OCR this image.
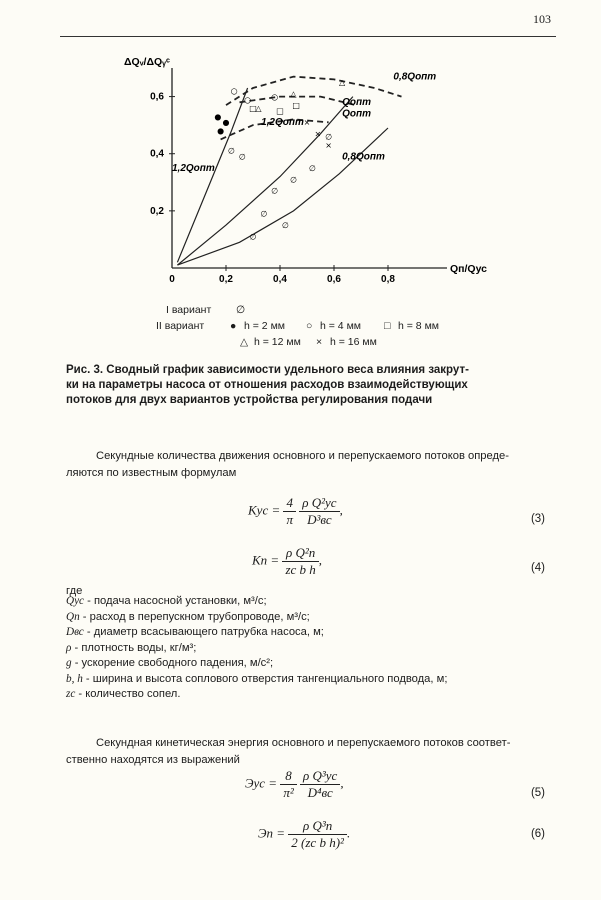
103
0	0,2	0,4	0,6	0,8
0,2
0,4
0,6
ΔQᵥ/ΔQᵧᶜ
Qп/Qус
0,8Qопт
Qопт
Qопт
1,2Qопт
1,2Qопт
0,8Qопт
●
●
●
○
○	○
□ □
□
△
△
△
×
×
×
∅
∅
∅
∅
∅
∅
∅
∅
∅
I вариант ∅
II вариант ● h = 2 мм ○ h = 4 мм □ h = 8 мм
△ h = 12 мм × h = 16 мм
Рис. 3. Сводный график зависимости удельного веса влияния закрут-
ки на параметры насоса от отношения расходов взаимодействующих
потоков для двух вариантов устройства регулирования подачи
Секундные количества движения основного и перепускаемого потоков опреде-
ляются по известным формулам
Kус = $\frac{4}{\pi}$
$\frac{\text{ρ Q²ус}}{\text{D³вс}}$ ,
(3)
Kп = $\frac{\text{ρ Q²п}}{\text{zс b h}}$ ,
(4)
где
Qус - подача насосной установки, м³/с;
Qп - расход в перепускном трубопроводе, м³/с;
Dвс - диаметр всасывающего патрубка насоса, м;
ρ - плотность воды, кг/м³;
g - ускорение свободного падения, м/с²;
b, h - ширина и высота соплового отверстия тангенциального подвода, м;
zс - количество сопел.
Секундная кинетическая энергия основного и перепускаемого потоков соответ-
ственно находятся из выражений
Эус = $\frac{8}{\text{π²}}$
$\frac{\text{ρ Q³ус}}{\text{D⁴вс}}$ ,
(5)
Эп = $\frac{\text{ρ Q³п}}{\text{2 (zс b h)²}}$ .	(6)
